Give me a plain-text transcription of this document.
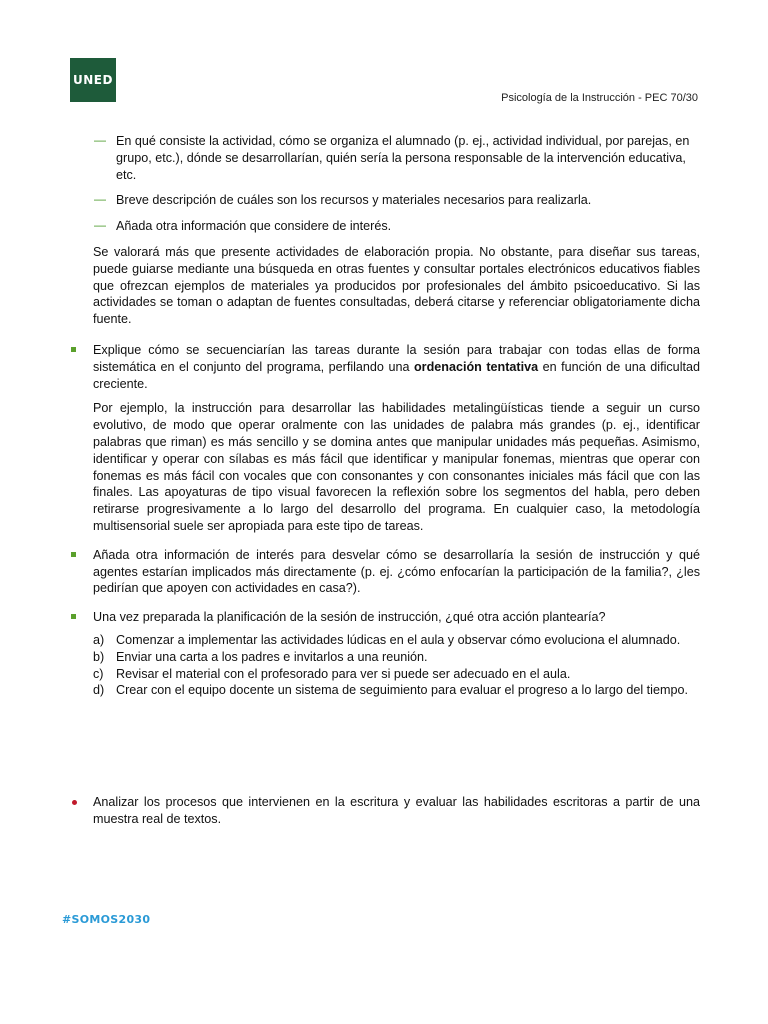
UNED
Psicología de la Instrucción - PEC 70/30
— En qué consiste la actividad, cómo se organiza el alumnado (p. ej., actividad individual, por parejas, en grupo, etc.), dónde se desarrollarían, quién sería la persona responsable de la intervención educativa, etc.
— Breve descripción de cuáles son los recursos y materiales necesarios para realizarla.
— Añada otra información que considere de interés.

Se valorará más que presente actividades de elaboración propia. No obstante, para diseñar sus tareas, puede guiarse mediante una búsqueda en otras fuentes y consultar portales electrónicos educativos fiables que ofrezcan ejemplos de materiales ya producidos por profesionales del ámbito psicoeducativo. Si las actividades se toman o adaptan de fuentes consultadas, deberá citarse y referenciar obligatoriamente dicha fuente.

Explique cómo se secuenciarían las tareas durante la sesión para trabajar con todas ellas de forma sistemática en el conjunto del programa, perfilando una ordenación tentativa en función de una dificultad creciente.

Por ejemplo, la instrucción para desarrollar las habilidades metalingüísticas tiende a seguir un curso evolutivo, de modo que operar oralmente con las unidades de palabra más grandes (p. ej., identificar palabras que riman) es más sencillo y se domina antes que manipular unidades más pequeñas. Asimismo, identificar y operar con sílabas es más fácil que identificar y manipular fonemas, mientras que operar con fonemas es más fácil con vocales que con consonantes y con consonantes iniciales más fácil que con las finales. Las apoyaturas de tipo visual favorecen la reflexión sobre los segmentos del habla, pero deben retirarse progresivamente a lo largo del desarrollo del programa. En cualquier caso, la metodología multisensorial suele ser apropiada para este tipo de tareas.

Añada otra información de interés para desvelar cómo se desarrollaría la sesión de instrucción y qué agentes estarían implicados más directamente (p. ej. ¿cómo enfocarían la participación de la familia?, ¿les pedirían que apoyen con actividades en casa?).
Una vez preparada la planificación de la sesión de instrucción, ¿qué otra acción plantearía?
a) Comenzar a implementar las actividades lúdicas en el aula y observar cómo evoluciona el alumnado.
b) Enviar una carta a los padres e invitarlos a una reunión.
c) Revisar el material con el profesorado para ver si puede ser adecuado en el aula.
d) Crear con el equipo docente un sistema de seguimiento para evaluar el progreso a lo largo del tiempo.
Analizar los procesos que intervienen en la escritura y evaluar las habilidades escritoras a partir de una muestra real de textos.
#SOMOS2030
